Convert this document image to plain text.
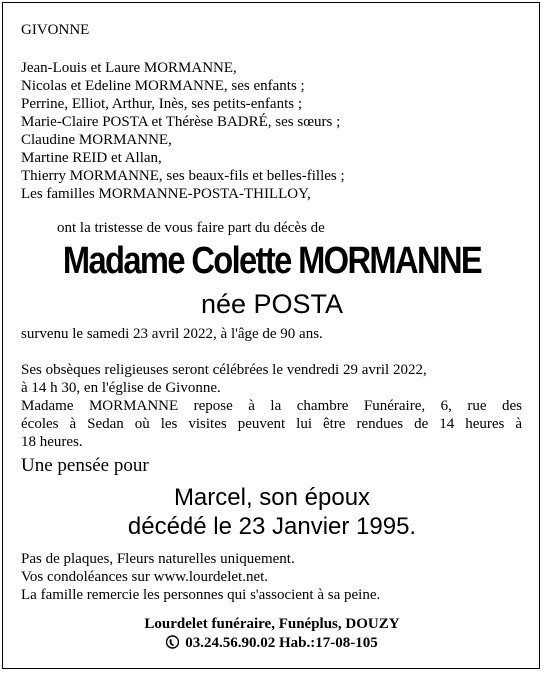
GIVONNE
Jean-Louis et Laure MORMANNE,
Nicolas et Edeline MORMANNE, ses enfants ;
Perrine, Elliot, Arthur, Inès, ses petits-enfants ;
Marie-Claire POSTA et Thérèse BADRÉ, ses sœurs ;
Claudine MORMANNE,
Martine REID et Allan,
Thierry MORMANNE, ses beaux-fils et belles-filles ;
Les familles MORMANNE-POSTA-THILLOY,
ont la tristesse de vous faire part du décès de
Madame Colette MORMANNE
née POSTA
survenu le samedi 23 avril 2022, à l'âge de 90 ans.
Ses obsèques religieuses seront célébrées le vendredi 29 avril 2022,
à 14 h 30, en l'église de Givonne.
Madame MORMANNE repose à la chambre Funéraire, 6, rue des
écoles à Sedan où les visites peuvent lui être rendues de 14 heures à
18 heures.
Une pensée pour
Marcel, son époux
décédé le 23 Janvier 1995.
Pas de plaques, Fleurs naturelles uniquement.
Vos condoléances sur www.lourdelet.net.
La famille remercie les personnes qui s'associent à sa peine.
Lourdelet funéraire, Funéplus, DOUZY
03.24.56.90.02 Hab.:17-08-105
